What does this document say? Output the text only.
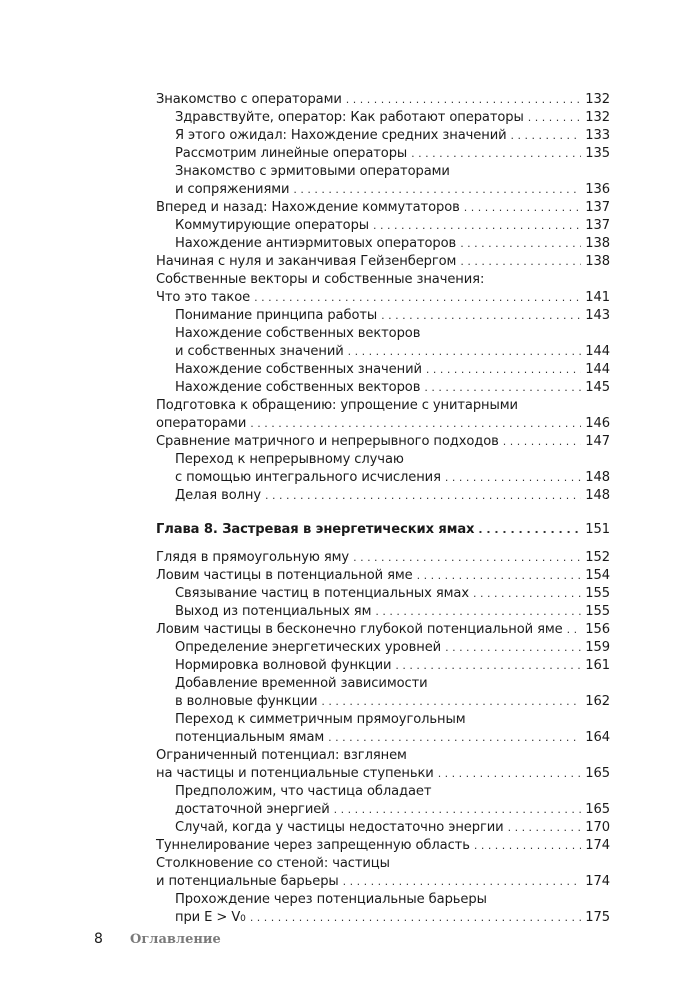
Знакомство с операторами . . .	132
Здравствуйте, оператор: Как работают операторы . . .	132
Я этого ожидал: Нахождение средних значений . . .	133
Рассмотрим линейные операторы . . .	135
Знакомство с эрмитовыми операторами
и сопряжениями . . .	136
Вперед и назад: Нахождение коммутаторов . . .	137
Коммутирующие операторы . . .	137
Нахождение антиэрмитовых операторов . . .	138
Начиная с нуля и заканчивая Гейзенбергом . . .	138
Собственные векторы и собственные значения:
Что это такое . . .	141
Понимание принципа работы . . .	143
Нахождение собственных векторов
и собственных значений . . .	144
Нахождение собственных значений . . .	144
Нахождение собственных векторов . . .	145
Подготовка к обращению: упрощение с унитарными
операторами . . .	146
Сравнение матричного и непрерывного подходов . . .	147
Переход к непрерывному случаю
с помощью интегрального исчисления . . .	148
Делая волну . . .	148
Глава 8. Застревая в энергетических ямах . . .	151
Глядя в прямоугольную яму . . .	152
Ловим частицы в потенциальной яме . . .	154
Связывание частиц в потенциальных ямах . . .	155
Выход из потенциальных ям . . .	155
Ловим частицы в бесконечно глубокой потенциальной яме . . . 156
Определение энергетических уровней . . .	159
Нормировка волновой функции . . .	161
Добавление временной зависимости
в волновые функции . . .	162
Переход к симметричным прямоугольным
потенциальным ямам . . .	164
Ограниченный потенциал: взглянем
на частицы и потенциальные ступеньки . . .	165
Предположим, что частица обладает
достаточной энергией . . .	165
Случай, когда у частицы недостаточно энергии . . .	170
Туннелирование через запрещенную область . . .	174
Столкновение со стеной: частицы
и потенциальные барьеры . . .	174
Прохождение через потенциальные барьеры
при E > V 0 . . .	175
8	Оглавление
